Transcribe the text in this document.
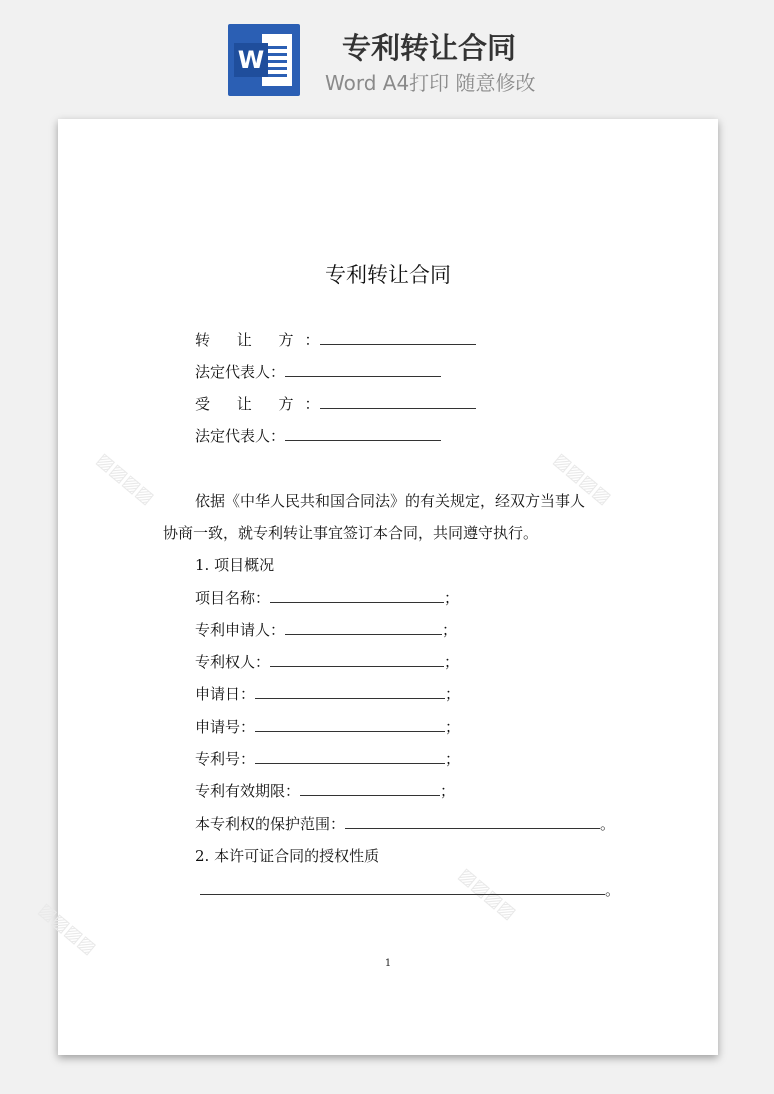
W	专利转让合同
Word A4打印 随意修改
▨▨▨▨	▨▨▨▨
▨▨▨▨
▨▨▨▨
专利转让合同
转 让 方：
法定代表人：
受 让 方：
法定代表人：
依据《中华人民共和国合同法》的有关规定，经双方当事人
协商一致，就专利转让事宜签订本合同，共同遵守执行。
1. 项目概况
项目名称：	；
专利申请人：	；
专利权人：	；
申请日：	；
申请号：	；
专利号：	；
专利有效期限：	；
本专利权的保护范围：	。
2. 本许可证合同的授权性质
。
1
